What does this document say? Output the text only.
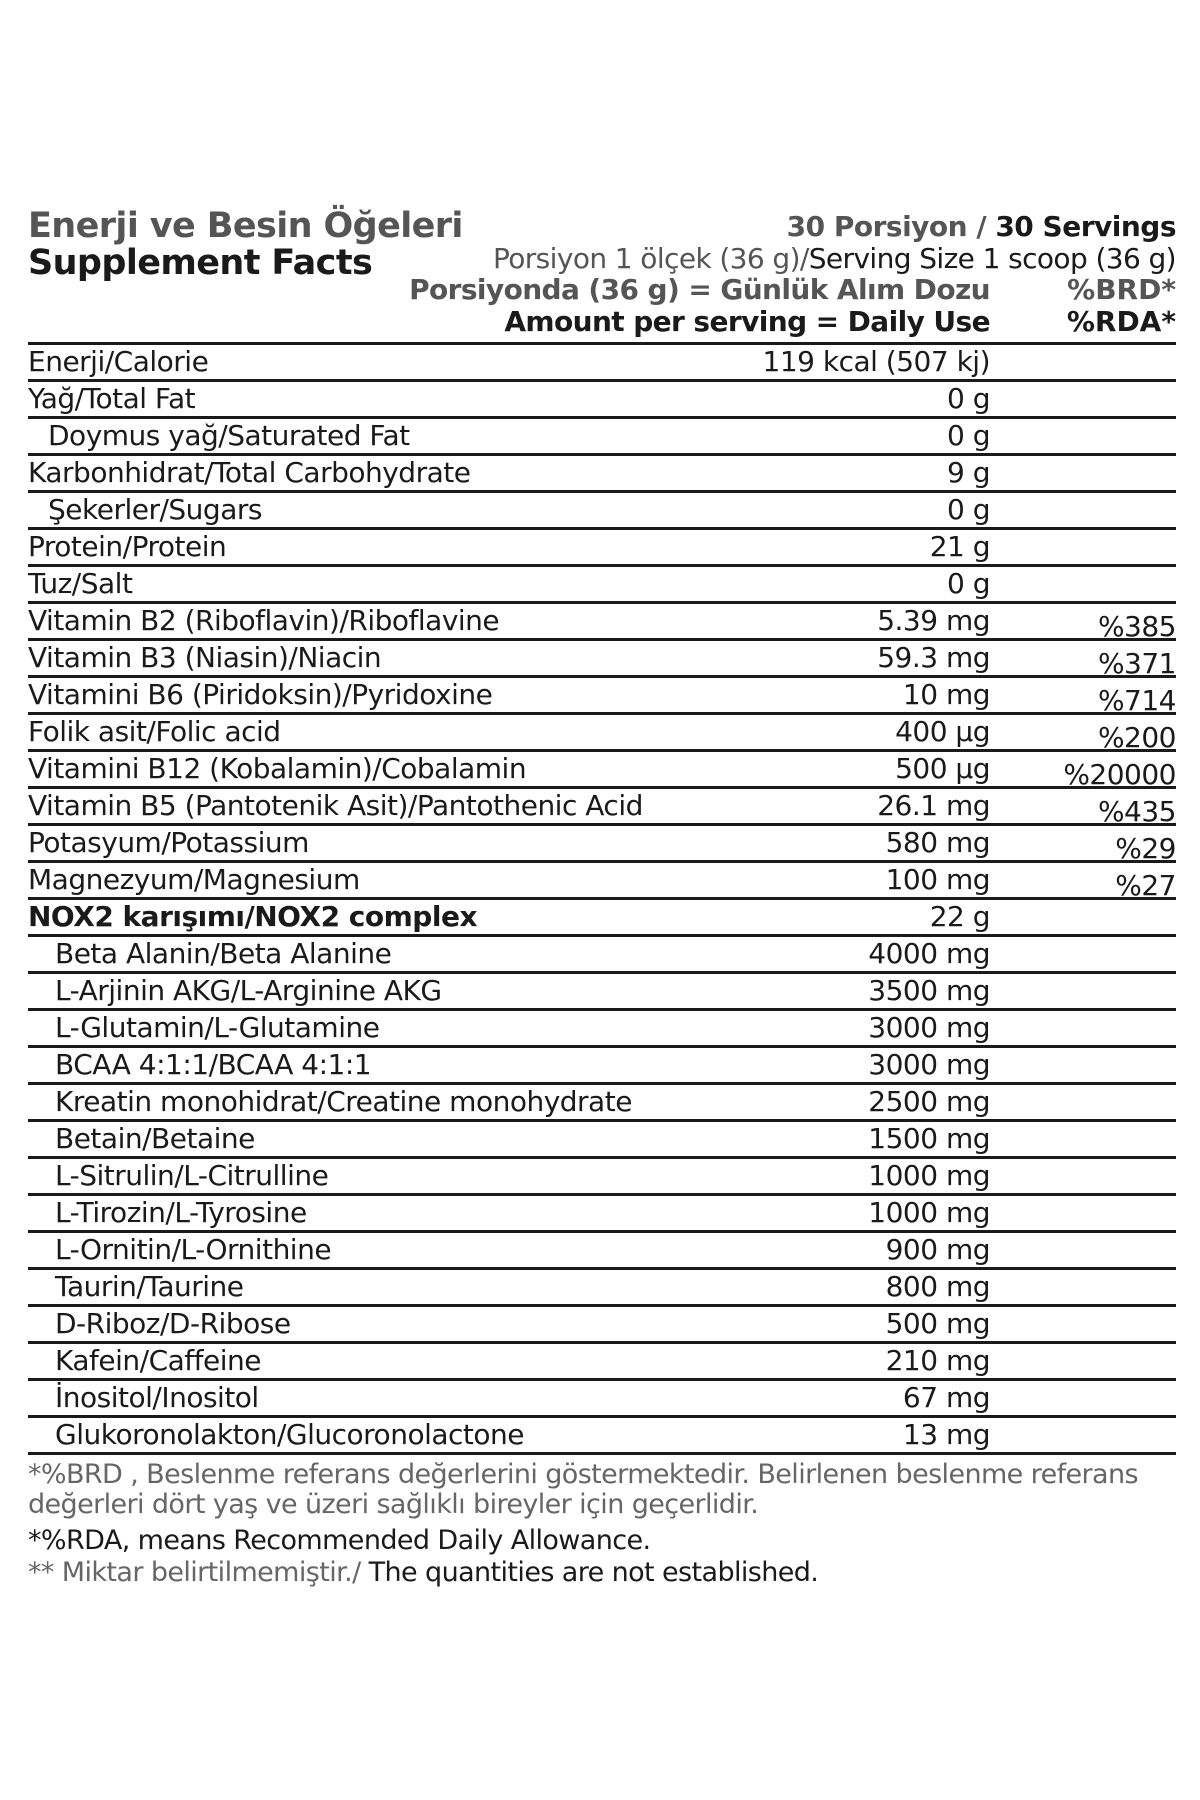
Enerji ve Besin Öğeleri
Supplement Facts
30 Porsiyon / 30 Servings
Porsiyon 1 ölçek (36 g)/Serving Size 1 scoop (36 g)
Porsiyonda (36 g) = Günlük Alım Dozu	%BRD*
Amount per serving = Daily Use	%RDA*
Enerji/Calorie	119 kcal (507 kj)
Yağ/Total Fat	0 g
Doymus yağ/Saturated Fat	0 g
Karbonhidrat/Total Carbohydrate	9 g
Şekerler/Sugars	0 g
Protein/Protein	21 g
Tuz/Salt	0 g
Vitamin B2 (Riboflavin)/Riboflavine	5.39 mg	%385
Vitamin B3 (Niasin)/Niacin	59.3 mg	%371
Vitamini B6 (Piridoksin)/Pyridoxine	10 mg	%714
Folik asit/Folic acid	400 µg	%200
Vitamini B12 (Kobalamin)/Cobalamin	500 µg	%20000
Vitamin B5 (Pantotenik Asit)/Pantothenic Acid	26.1 mg	%435
Potasyum/Potassium	580 mg	%29
Magnezyum/Magnesium	100 mg	%27
NOX2 karışımı/NOX2 complex	22 g
Beta Alanin/Beta Alanine	4000 mg
L-Arjinin AKG/L-Arginine AKG	3500 mg
L-Glutamin/L-Glutamine	3000 mg
BCAA 4:1:1/BCAA 4:1:1	3000 mg
Kreatin monohidrat/Creatine monohydrate	2500 mg
Betain/Betaine	1500 mg
L-Sitrulin/L-Citrulline	1000 mg
L-Tirozin/L-Tyrosine	1000 mg
L-Ornitin/L-Ornithine	900 mg
Taurin/Taurine	800 mg
D-Riboz/D-Ribose	500 mg
Kafein/Caffeine	210 mg
İnositol/Inositol	67 mg
Glukoronolakton/Glucoronolactone	13 mg
*%BRD , Beslenme referans değerlerini göstermektedir. Belirlenen beslenme referans
değerleri dört yaş ve üzeri sağlıklı bireyler için geçerlidir.
*%RDA, means Recommended Daily Allowance.
** Miktar belirtilmemiştir./ The quantities are not established.
